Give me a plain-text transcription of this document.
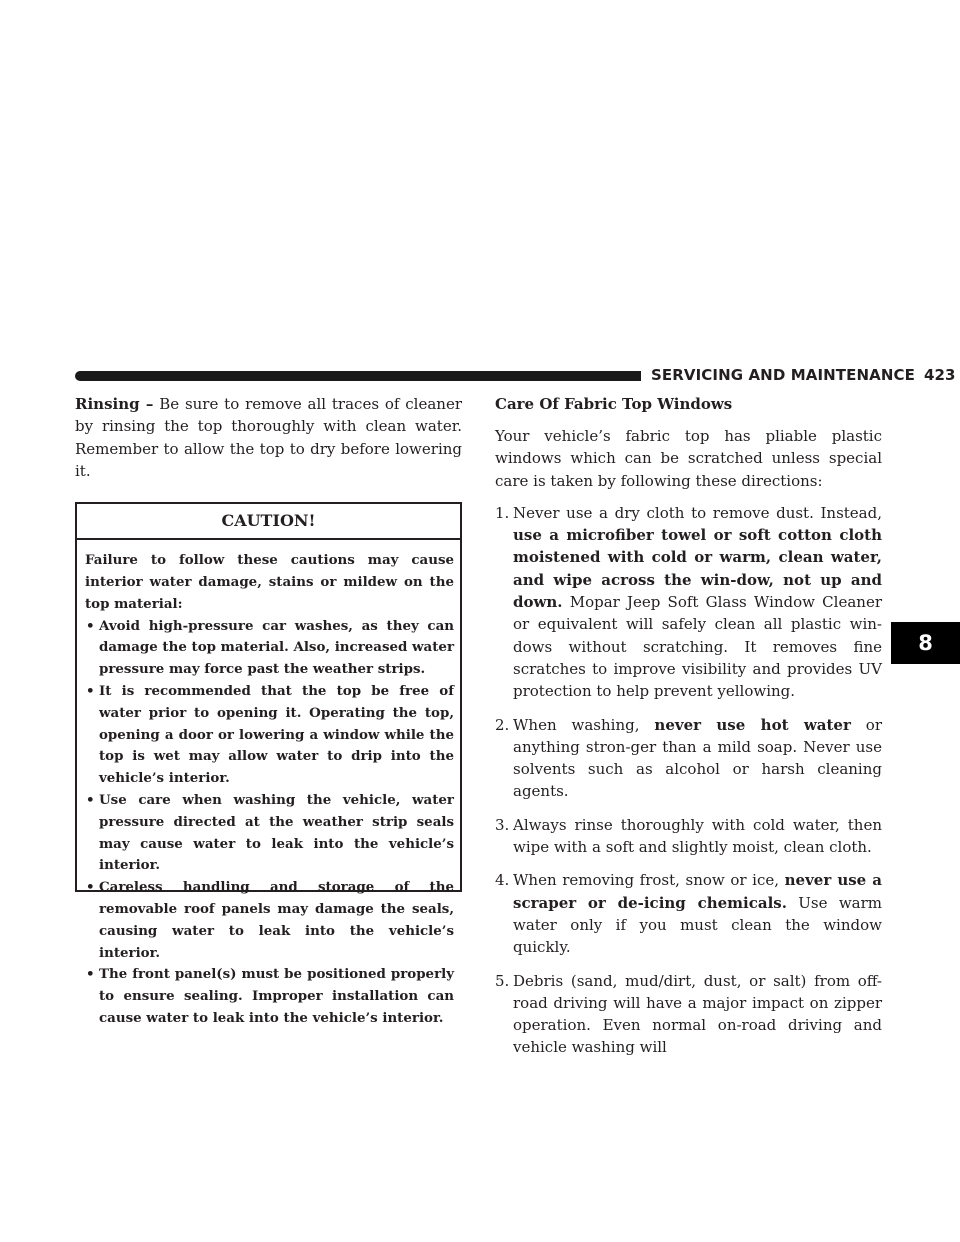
SERVICING AND MAINTENANCE 423
8

Rinsing – Be sure to remove all traces of cleaner by rinsing the top thoroughly with clean water. Remember to allow the top to dry before lowering it.

CAUTION!

Failure to follow these cautions may cause interior water damage, stains or mildew on the top material:

• Avoid high-pressure car washes, as they can damage the top material. Also, increased water pressure may force past the weather strips.
• It is recommended that the top be free of water prior to opening it. Operating the top, opening a door or lowering a window while the top is wet may allow water to drip into the vehicle’s interior.
• Use care when washing the vehicle, water pressure directed at the weather strip seals may cause water to leak into the vehicle’s interior.
• Careless handling and storage of the removable roof panels may damage the seals, causing water to leak into the vehicle’s interior.
• The front panel(s) must be positioned properly to ensure sealing. Improper installation can cause water to leak into the vehicle’s interior.
Care Of Fabric Top Windows

Your vehicle’s fabric top has pliable plastic windows which can be scratched unless special care is taken by following these directions:

1. Never use a dry cloth to remove dust. Instead, use a microfiber towel or soft cotton cloth moistened with cold or warm, clean water, and wipe across the win-dow, not up and down. Mopar Jeep Soft Glass Window Cleaner or equivalent will safely clean all plastic win-dows without scratching. It removes fine scratches to improve visibility and provides UV protection to help prevent yellowing.
2. When washing, never use hot water or anything stron-ger than a mild soap. Never use solvents such as alcohol or harsh cleaning agents.
3. Always rinse thoroughly with cold water, then wipe with a soft and slightly moist, clean cloth.
4. When removing frost, snow or ice, never use a scraper or de-icing chemicals. Use warm water only if you must clean the window quickly.
5. Debris (sand, mud/dirt, dust, or salt) from off-road driving will have a major impact on zipper operation. Even normal on-road driving and vehicle washing will
